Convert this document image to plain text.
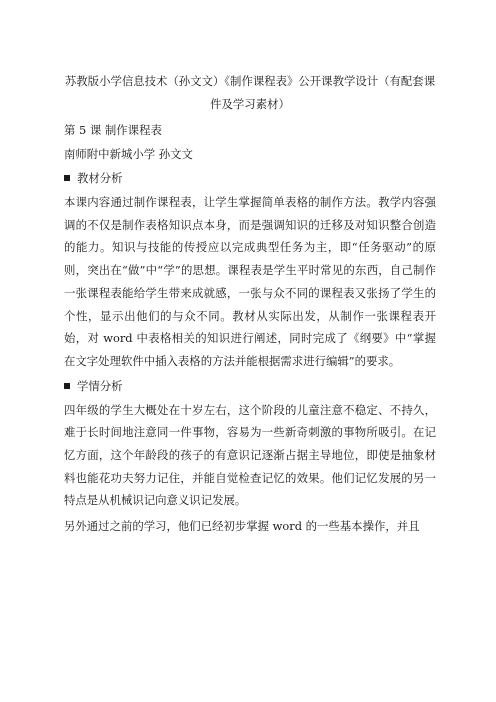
苏教版小学信息技术（孙文文）《制作课程表》公开课教学设计（有配套课件及学习素材）

第 5 课 制作课程表

南师附中新城小学 孙文文

教材分析

本课内容通过制作课程表，让学生掌握简单表格的制作方法。教学内容强调的不仅是制作表格知识点本身，而是强调知识的迁移及对知识整合创造的能力。知识与技能的传授应以完成典型任务为主，即“任务驱动”的原则，突出在“做”中“学”的思想。课程表是学生平时常见的东西，自己制作一张课程表能给学生带来成就感，一张与众不同的课程表又张扬了学生的个性，显示出他们的与众不同。教材从实际出发，从制作一张课程表开始，对 word 中表格相关的知识进行阐述，同时完成了《纲要》中“掌握在文字处理软件中插入表格的方法并能根据需求进行编辑”的要求。

学情分析

四年级的学生大概处在十岁左右，这个阶段的儿童注意不稳定、不持久，难于长时间地注意同一件事物，容易为一些新奇刺激的事物所吸引。在记忆方面，这个年龄段的孩子的有意识记逐渐占据主导地位，即使是抽象材料也能花功夫努力记住，并能自觉检查记忆的效果。他们记忆发展的另一特点是从机械识记向意义识记发展。

另外通过之前的学习，他们已经初步掌握 word 的一些基本操作，并且
